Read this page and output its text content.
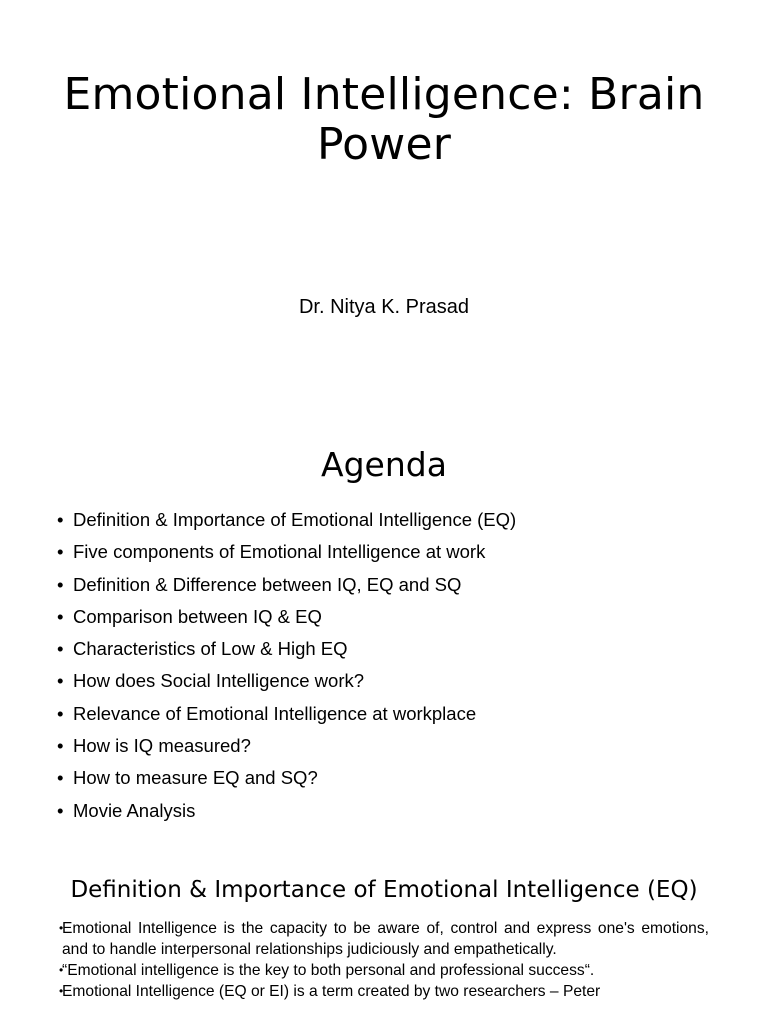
Emotional Intelligence: Brain Power
Dr. Nitya K. Prasad
Agenda
• Definition & Importance of Emotional Intelligence (EQ)
• Five components of Emotional Intelligence at work
• Definition & Difference between IQ, EQ and SQ
• Comparison between IQ & EQ
• Characteristics of Low & High EQ
• How does Social Intelligence work?
• Relevance of Emotional Intelligence at workplace
• How is IQ measured?
• How to measure EQ and SQ?
• Movie Analysis
Definition & Importance of Emotional Intelligence (EQ)

•
Emotional Intelligence is the capacity to be aware of, control and express one's emotions, and to handle interpersonal relationships judiciously and empathetically.

•
“Emotional intelligence is the key to both personal and professional success“.

•
Emotional Intelligence (EQ or EI) is a term created by two researchers – Peter
